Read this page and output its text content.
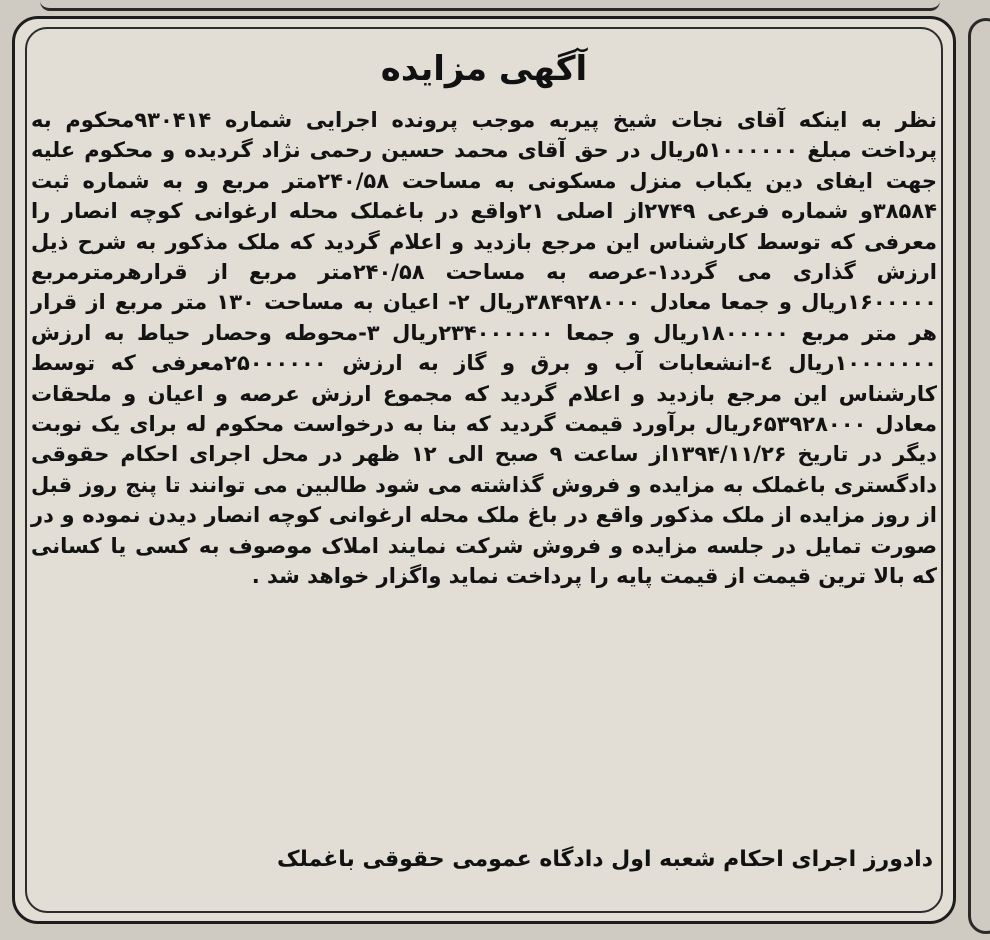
آگهی مزایده
نظر به اینکه آقای نجات شیخ پیربه موجب پرونده اجرایی شماره ۹۳۰۴۱۴محکوم به پرداخت مبلغ ۵۱۰۰۰۰۰۰ریال در حق آقای محمد حسین رحمی نژاد گردیده و محکوم علیه جهت ایفای دین یکباب منزل مسکونی به مساحت ۲۴۰/۵۸متر مربع و به شماره ثبت ۳۸۵۸۴و شماره فرعی ۲۷۴۹از اصلی ۲۱واقع در باغملک محله ارغوانی کوچه انصار را معرفی که توسط کارشناس این مرجع بازدید و اعلام گردید که ملک مذکور به شرح ذیل ارزش گذاری می گردد۱-عرصه به مساحت ۲۴۰/۵۸متر مربع از قرارهرمترمربع ۱۶۰۰۰۰۰ریال و جمعا معادل ۳۸۴۹۲۸۰۰۰ریال ۲- اعیان به مساحت ۱۳۰ متر مربع از قرار هر متر مربع ۱۸۰۰۰۰۰ریال و جمعا ۲۳۴۰۰۰۰۰۰ریال ۳-محوطه وحصار حیاط به ارزش ۱۰۰۰۰۰۰۰ریال ٤-انشعابات آب و برق و گاز به ارزش ۲۵۰۰۰۰۰۰معرفی که توسط کارشناس این مرجع بازدید و اعلام گردید که مجموع ارزش عرصه و اعیان و ملحقات معادل ۶۵۳۹۲۸۰۰۰ریال برآورد قیمت گردید که بنا به درخواست محکوم له برای یک نوبت دیگر در تاریخ ۱۳۹۴/۱۱/۲۶از ساعت ۹ صبح الی ۱۲ ظهر در محل اجرای احکام حقوقی دادگستری باغملک به مزایده و فروش گذاشته می شود طالبین می توانند تا پنج روز قبل از روز مزایده از ملک مذکور واقع در باغ ملک محله ارغوانی کوچه انصار دیدن نموده و در صورت تمایل در جلسه مزایده و فروش شرکت نمایند املاک موصوف به کسی یا کسانی که بالا ترین قیمت از قیمت پایه را پرداخت نماید واگزار خواهد شد .
دادورز اجرای احکام شعبه اول دادگاه عمومی حقوقی باغملک
